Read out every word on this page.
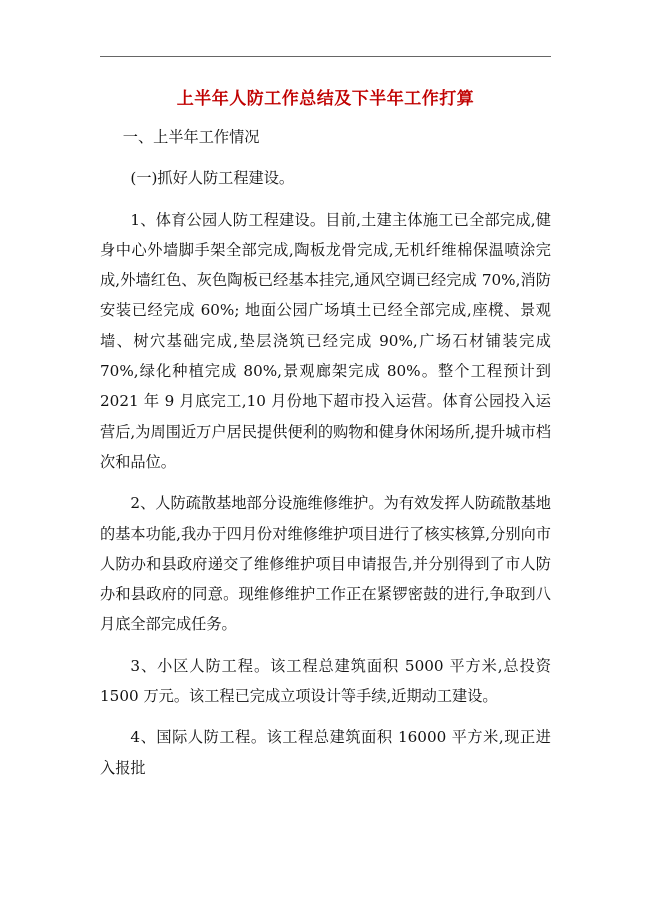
上半年人防工作总结及下半年工作打算

一、上半年工作情况

(一)抓好人防工程建设。

1、体育公园人防工程建设。目前,土建主体施工已全部完成,健身中心外墙脚手架全部完成,陶板龙骨完成,无机纤维棉保温喷涂完成,外墙红色、灰色陶板已经基本挂完,通风空调已经完成 70%,消防安装已经完成 60%; 地面公园广场填土已经全部完成,座櫈、景观墙、树穴基础完成,垫层浇筑已经完成 90%,广场石材铺装完成 70%,绿化种植完成 80%,景观廊架完成 80%。整个工程预计到 2021 年 9 月底完工,10 月份地下超市投入运营。体育公园投入运营后,为周围近万户居民提供便利的购物和健身休闲场所,提升城市档次和品位。

2、人防疏散基地部分设施维修维护。为有效发挥人防疏散基地的基本功能,我办于四月份对维修维护项目进行了核实核算,分别向市人防办和县政府递交了维修维护项目申请报告,并分别得到了市人防办和县政府的同意。现维修维护工作正在紧锣密鼓的进行,争取到八月底全部完成任务。

3、小区人防工程。该工程总建筑面积 5000 平方米,总投资 1500 万元。该工程已完成立项设计等手续,近期动工建设。

4、国际人防工程。该工程总建筑面积 16000 平方米,现正进入报批
